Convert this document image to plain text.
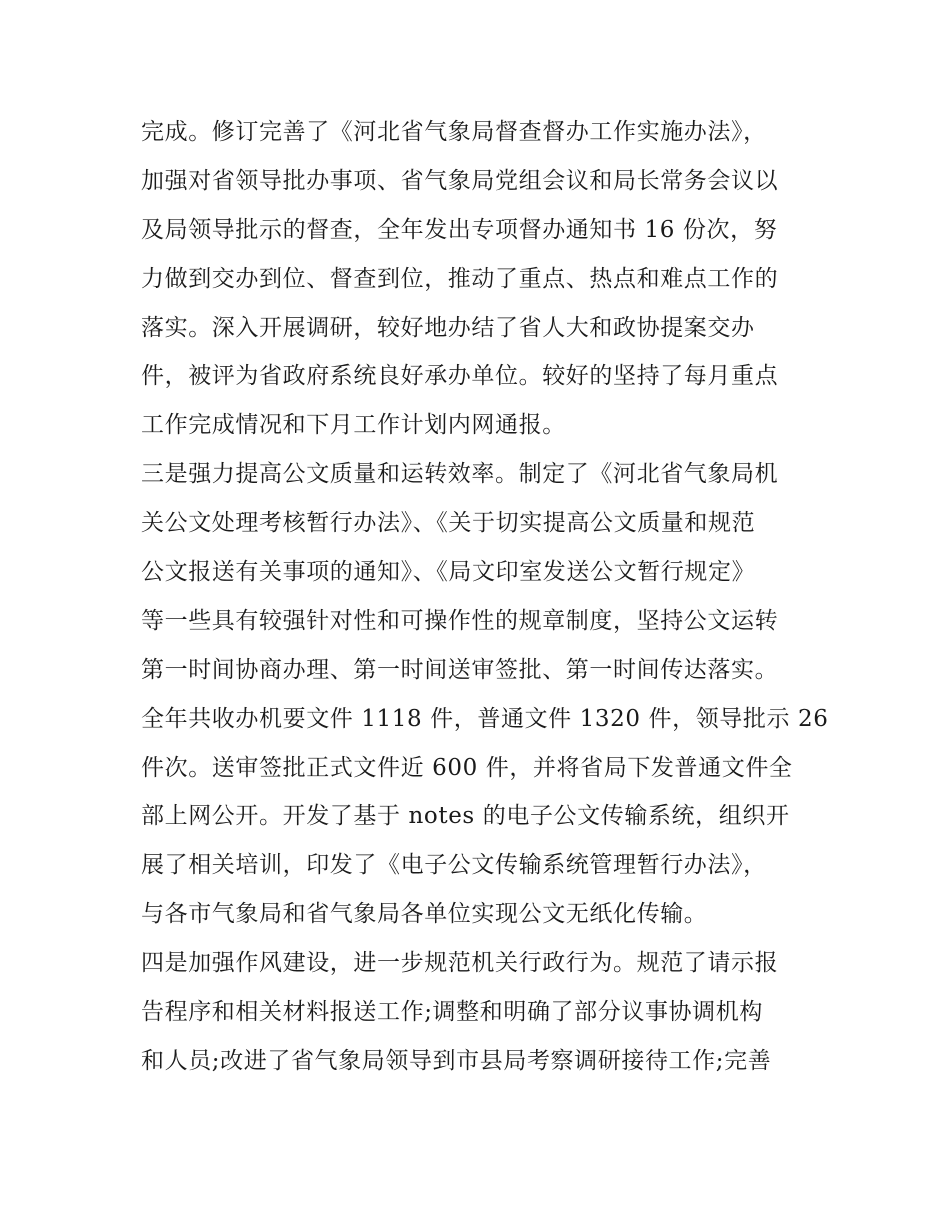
完成。修订完善了《河北省气象局督查督办工作实施办法》，
加强对省领导批办事项、省气象局党组会议和局长常务会议以
及局领导批示的督查，全年发出专项督办通知书 16 份次，努
力做到交办到位、督查到位，推动了重点、热点和难点工作的
落实。深入开展调研，较好地办结了省人大和政协提案交办
件，被评为省政府系统良好承办单位。较好的坚持了每月重点
工作完成情况和下月工作计划内网通报。
三是强力提高公文质量和运转效率。制定了《河北省气象局机
关公文处理考核暂行办法》、《关于切实提高公文质量和规范
公文报送有关事项的通知》、《局文印室发送公文暂行规定》
等一些具有较强针对性和可操作性的规章制度，坚持公文运转
第一时间协商办理、第一时间送审签批、第一时间传达落实。
全年共收办机要文件 1118 件，普通文件 1320 件，领导批示 26
件次。送审签批正式文件近 600 件，并将省局下发普通文件全
部上网公开。开发了基于 notes 的电子公文传输系统，组织开
展了相关培训，印发了《电子公文传输系统管理暂行办法》，
与各市气象局和省气象局各单位实现公文无纸化传输。
四是加强作风建设，进一步规范机关行政行为。规范了请示报
告程序和相关材料报送工作;调整和明确了部分议事协调机构
和人员;改进了省气象局领导到市县局考察调研接待工作;完善
